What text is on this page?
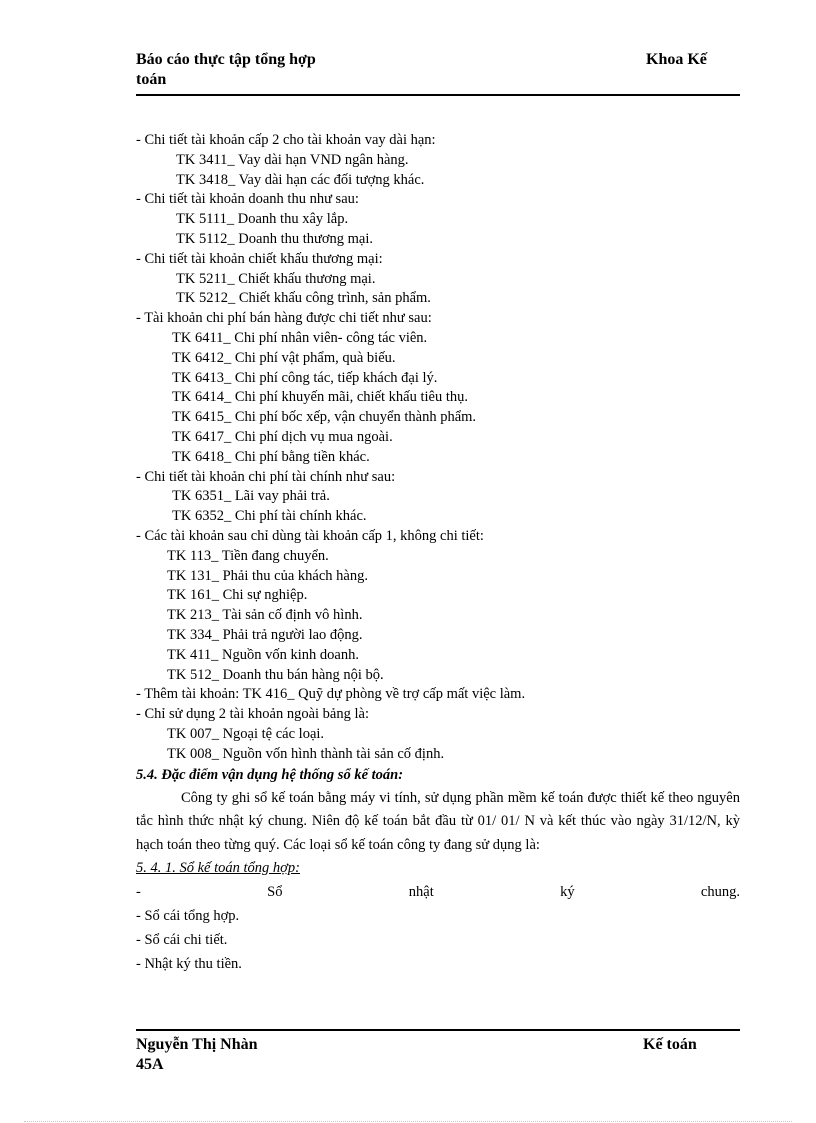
Báo cáo thực tập tổng hợp	Khoa Kế
toán
- Chi tiết tài khoản cấp 2 cho tài khoản vay dài hạn:
TK 3411_ Vay dài hạn VND ngân hàng.
TK 3418_ Vay dài hạn các đối tượng khác.
- Chi tiết tài khoản doanh thu như sau:
TK 5111_ Doanh thu xây lắp.
TK 5112_ Doanh thu thương mại.
- Chi tiết tài khoản chiết khấu thương mại:
TK 5211_ Chiết khấu thương mại.
TK 5212_ Chiết khấu công trình, sản phẩm.
- Tài khoản chi phí bán hàng được chi tiết như sau:
TK 6411_ Chi phí nhân viên- công tác viên.
TK 6412_ Chi phí vật phẩm, quà biếu.
TK 6413_ Chi phí công tác, tiếp khách đại lý.
TK 6414_ Chi phí khuyến mãi, chiết khấu tiêu thụ.
TK 6415_ Chi phí bốc xếp, vận chuyển thành phẩm.
TK 6417_ Chi phí dịch vụ mua ngoài.
TK 6418_ Chi phí bằng tiền khác.
- Chi tiết tài khoản chi phí tài chính như sau:
TK 6351_ Lãi vay phải trả.
TK 6352_ Chi phí tài chính khác.
- Các tài khoản sau chỉ dùng tài khoản cấp 1, không chi tiết:
TK 113_ Tiền đang chuyển.
TK 131_ Phải thu của khách hàng.
TK 161_ Chi sự nghiệp.
TK 213_ Tài sản cố định vô hình.
TK 334_ Phải trả người lao động.
TK 411_ Nguồn vốn kinh doanh.
TK 512_ Doanh thu bán hàng nội bộ.
- Thêm tài khoản: TK 416_ Quỹ dự phòng về trợ cấp mất việc làm.
- Chỉ sử dụng 2 tài khoản ngoài bảng là:
TK 007_ Ngoại tệ các loại.
TK 008_ Nguồn vốn hình thành tài sản cố định.
5.4. Đặc điểm vận dụng hệ thống sổ kế toán:

Công ty ghi sổ kế toán bằng máy vi tính, sử dụng phần mềm kế toán được thiết kế theo nguyên tắc hình thức nhật ký chung. Niên độ kế toán bắt đầu từ 01/ 01/ N và kết thúc vào ngày 31/12/N, kỳ hạch toán theo từng quý. Các loại sổ kế toán công ty đang sử dụng là:

5. 4. 1. Sổ kế toán tổng hợp:
-	Sổ	nhật	ký	chung.
- Sổ cái tổng hợp.
- Sổ cái chi tiết.
- Nhật ký thu tiền.
Nguyễn Thị Nhàn	Kế toán
45A
